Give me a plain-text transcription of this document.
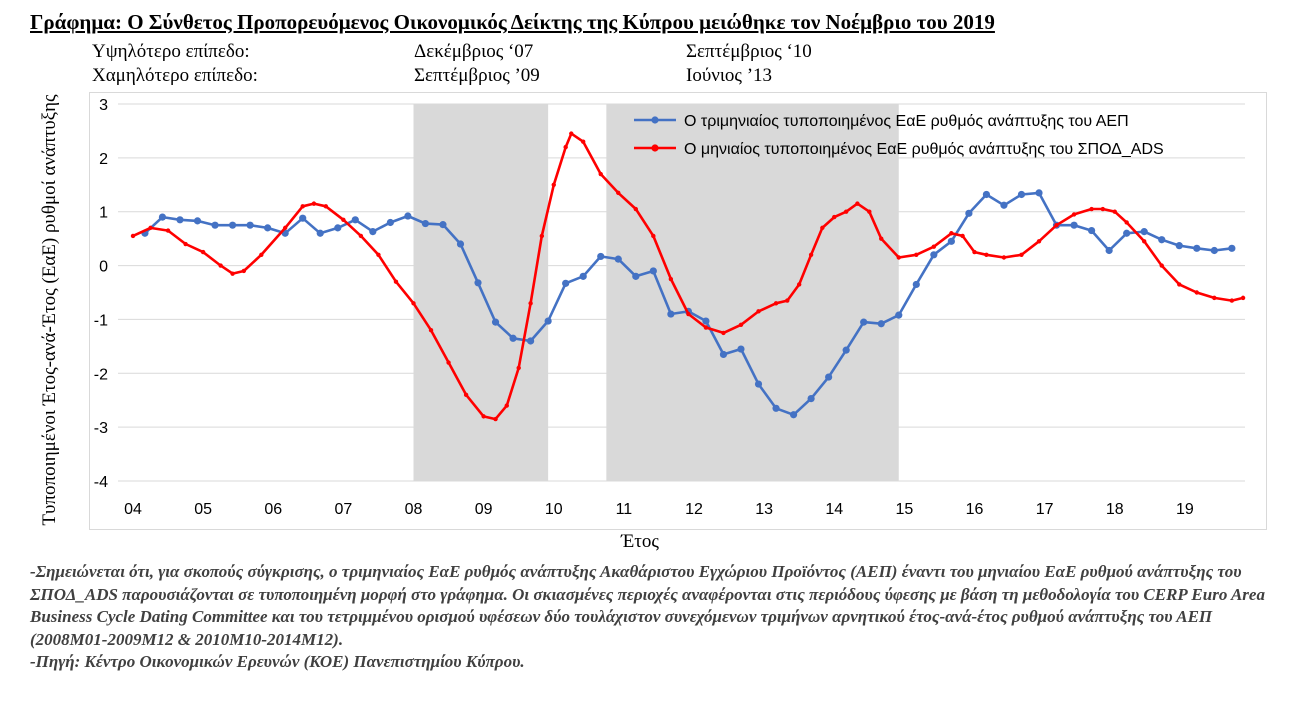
Γράφημα: Ο Σύνθετος Προπορευόμενος Οικονομικός Δείκτης της Κύπρου μειώθηκε τον Νοέμβριο του 2019
Υψηλότερο επίπεδο:	Δεκέμβριος ‘07	Σεπτέμβριος ‘10
Χαμηλότερο επίπεδο:	Σεπτέμβριος ’09	Ιούνιος ’13
3
2
1
0
-1
-2
-3
-4
04	05	06	07	08	09	10	11	12	13	14	15	16	17	18	19
Ο τριμηνιαίος τυποποιημένος ΕαΕ ρυθμός ανάπτυξης του ΑΕΠ
Ο μηνιαίος τυποποιημένος ΕαΕ ρυθμός ανάπτυξης του ΣΠΟΔ_ADS
Τυποποιημένοι Έτος-ανά-Έτος (ΕαΕ) ρυθμοί ανάπτυξης
Έτος

-Σημειώνεται ότι, για σκοπούς σύγκρισης, ο τριμηνιαίος ΕαΕ ρυθμός ανάπτυξης Ακαθάριστου Εγχώριου Προϊόντος (ΑΕΠ) έναντι του μηνιαίου ΕαΕ ρυθμού ανάπτυξης του ΣΠΟΔ_ADS παρουσιάζονται σε τυποποιημένη μορφή στο γράφημα. Οι σκιασμένες περιοχές αναφέρονται στις περιόδους ύφεσης με βάση τη μεθοδολογία του CERP Euro Area Business Cycle Dating Committee και του τετριμμένου ορισμού υφέσεων δύο τουλάχιστον συνεχόμενων τριμήνων αρνητικού έτος-ανά-έτος ρυθμού ανάπτυξης του ΑΕΠ (2008M01-2009M12 & 2010M10-2014M12).

-Πηγή: Κέντρο Οικονομικών Ερευνών (ΚΟΕ) Πανεπιστημίου Κύπρου.
